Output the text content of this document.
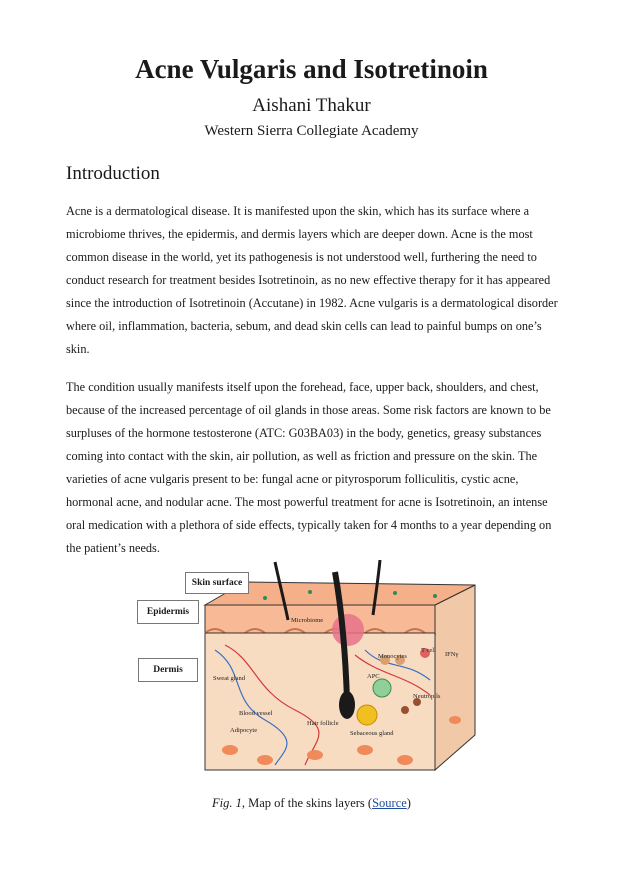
Acne Vulgaris and Isotretinoin

Aishani Thakur

Western Sierra Collegiate Academy

Introduction

Acne is a dermatological disease. It is manifested upon the skin, which has its surface where a microbiome thrives, the epidermis, and dermis layers which are deeper down. Acne is the most common disease in the world, yet its pathogenesis is not understood well, furthering the need to conduct research for treatment besides Isotretinoin, as no new effective therapy for it has appeared since the introduction of Isotretinoin (Accutane) in 1982. Acne vulgaris is a dermatological disorder where oil, inflammation, bacteria, sebum, and dead skin cells can lead to painful bumps on one’s skin.

The condition usually manifests itself upon the forehead, face, upper back, shoulders, and chest, because of the increased percentage of oil glands in those areas. Some risk factors are known to be surpluses of the hormone testosterone (ATC: G03BA03) in the body, genetics, greasy substances coming into contact with the skin, air pollution, as well as friction and pressure on the skin. The varieties of acne vulgaris present to be: fungal acne or pityrosporum folliculitis, cystic acne, hormonal acne, and nodular acne. The most powerful treatment for acne is Isotretinoin, an intense oral medication with a plethora of side effects, typically taken for 4 months to a year depending on the patient’s needs.

Microbiome
Sweat gland
Blood vessel
Adipocyte
Hair follicle
Sebaceous gland
Monocytes
T cell
IFNγ
APC
Neutropils
Skin surface
Epidermis
Dermis

Fig. 1, Map of the skins layers (Source)
